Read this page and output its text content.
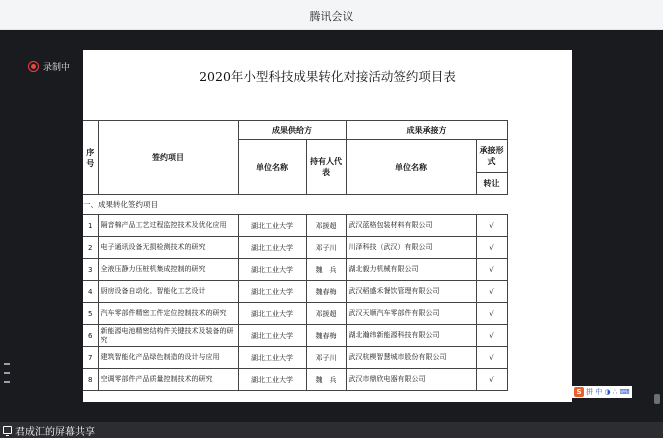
腾讯会议
录制中
2020年小型科技成果转化对接活动签约项目表
序号	签约项目	成果供给方		成果承接方	
		单位名称	持有人代表	单位名称	承接形式

					转让
一、成果转化签约项目					
1	隔音棉产品工艺过程监控技术及优化应用	湖北工业大学	邓援超	武汉蓝格包装材料有限公司	√
2	电子通讯设备无损检测技术的研究	湖北工业大学	邓子川	川泽科技（武汉）有限公司	√
3	全液压静力压桩机集成控制的研究	湖北工业大学	魏　兵	湖北毅力机械有限公司	√
4	厨房设备自动化、智能化工艺设计	湖北工业大学	魏春梅	武汉稻盛禾餐饮管理有限公司	√
5	汽车零部件精密工件定位控制技术的研究	湖北工业大学	邓援超	武汉天顺汽车零部件有限公司	√
6	新能源电池精密结构件关键技术及装备的研究	湖北工业大学	魏春梅	湖北瀚纬新能源科技有限公司	√
7	建筑智能化产品绿色制造的设计与应用	湖北工业大学	邓子川	武汉杭楔智慧城市股份有限公司	√
8	空调零部件产品质量控制技术的研究	湖北工业大学	魏　兵	武汉市鼎欣电器有限公司	√
S 拼 中 ◑ ∴ ⌨
君成汇的屏幕共享
